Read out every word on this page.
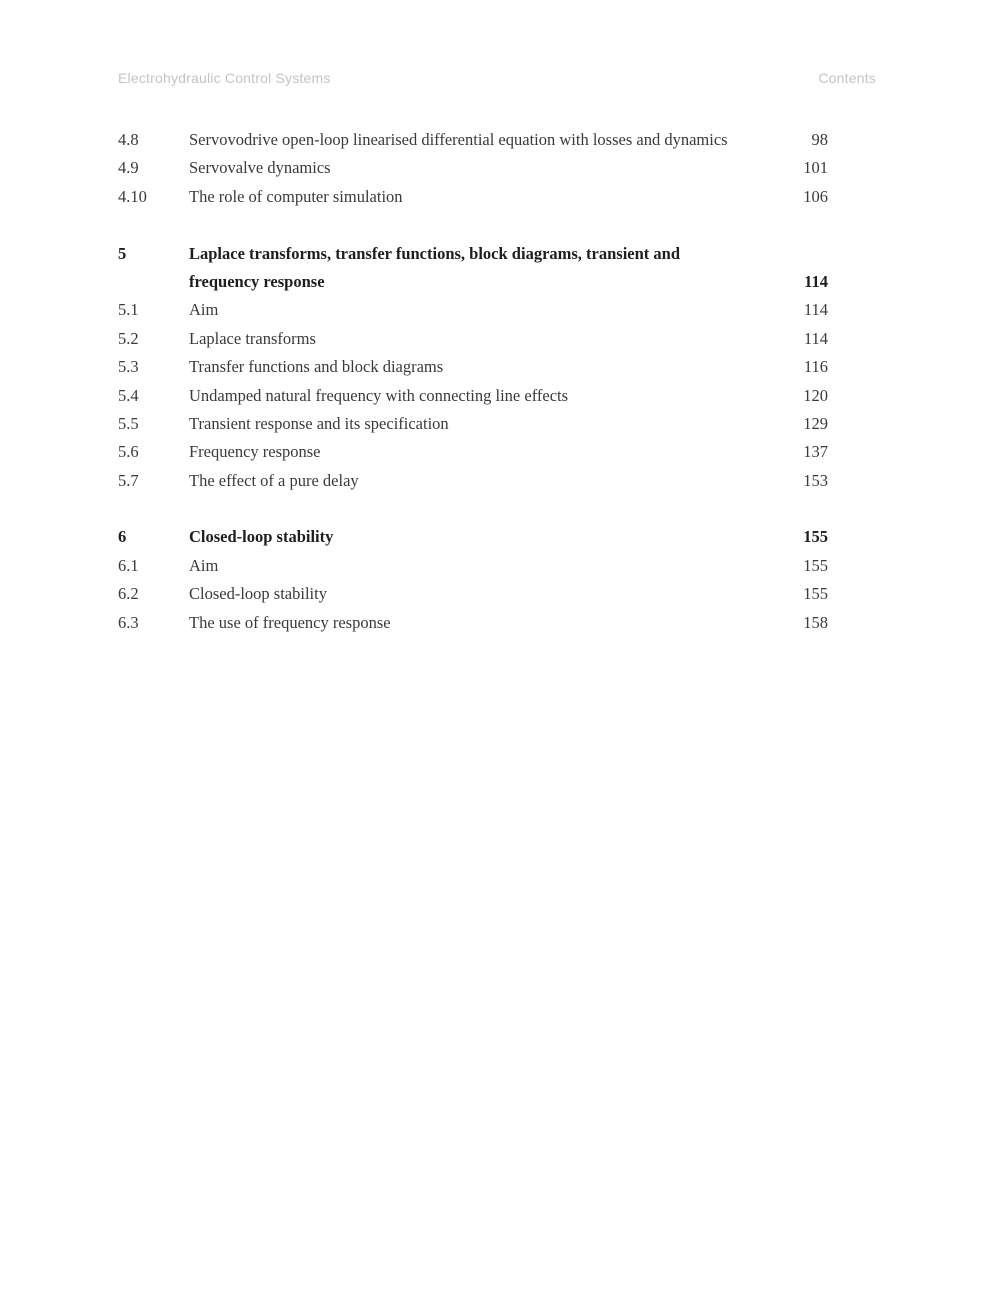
Electrohydraulic Control Systems	Contents
4.8	Servovodrive open-loop linearised differential equation with losses and dynamics	98
4.9	Servovalve dynamics	101
4.10	The role of computer simulation	106
5	Laplace transforms, transfer functions, block diagrams, transient and
frequency response	114
5.1	Aim	114
5.2	Laplace transforms	114
5.3	Transfer functions and block diagrams	116
5.4	Undamped natural frequency with connecting line effects	120
5.5	Transient response and its specification	129
5.6	Frequency response	137
5.7	The effect of a pure delay	153
6	Closed-loop stability	155
6.1	Aim	155
6.2	Closed-loop stability	155
6.3	The use of frequency response	158
